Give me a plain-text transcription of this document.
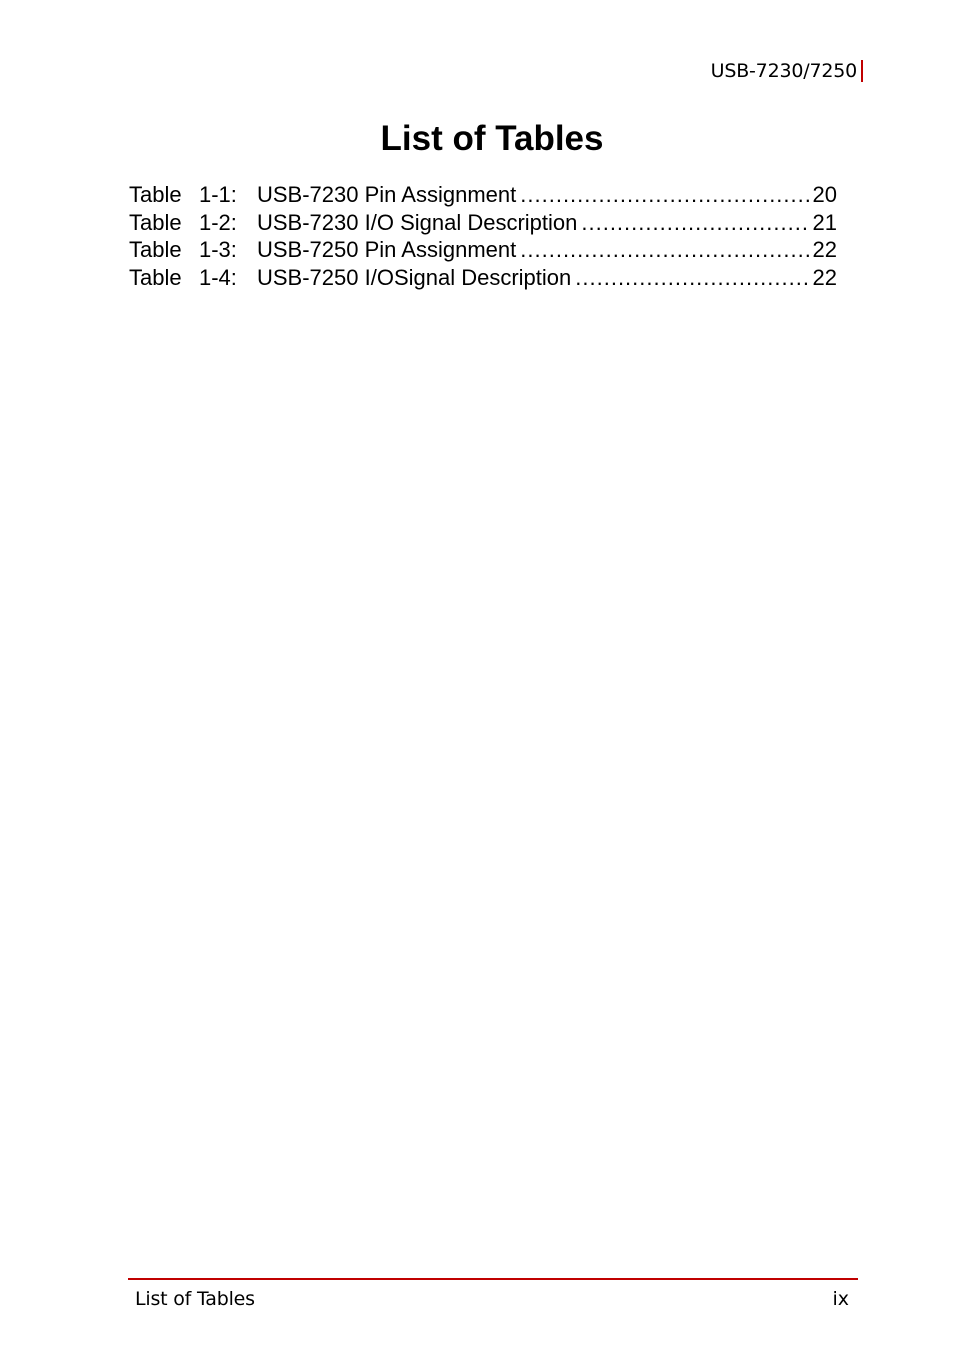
USB-7230/7250
List of Tables
Table 1-1: USB-7230 Pin Assignment .....	20
Table 1-2: USB-7230 I/O Signal Description .....	21
Table 1-3: USB-7250 Pin Assignment .....	22
Table 1-4: USB-7250 I/OSignal Description .....	22
List of Tables	ix
